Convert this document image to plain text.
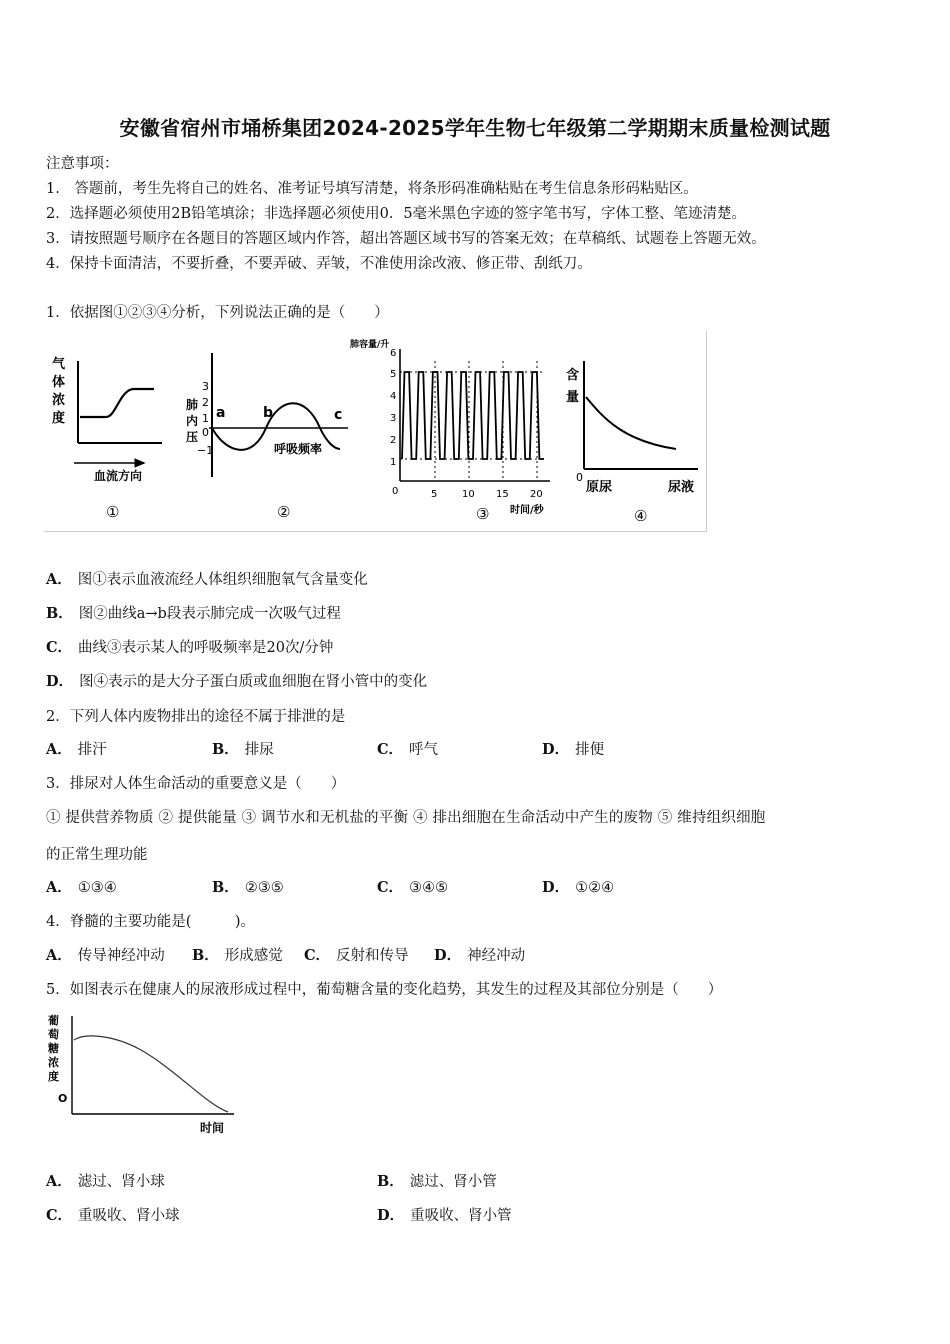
安徽省宿州市埇桥集团2024-2025学年生物七年级第二学期期末质量检测试题
注意事项：
1.　答题前，考生先将自己的姓名、准考证号填写清楚，将条形码准确粘贴在考生信息条形码粘贴区。
2．选择题必须使用2B铅笔填涂；非选择题必须使用0．5毫米黑色字迹的签字笔书写，字体工整、笔迹清楚。
3．请按照题号顺序在各题目的答题区域内作答，超出答题区域书写的答案无效；在草稿纸、试题卷上答题无效。
4．保持卡面清洁，不要折叠，不要弄破、弄皱，不准使用涂改液、修正带、刮纸刀。
1．依据图①②③④分析，下列说法正确的是（　　）
气
体
浓
度
血流方向
①
3
2
1
0
−1
肺
内
压
a	b	c
呼吸频率
②
肺容量/升
6
5
4
3
2
1
0	5 10 15 20
时间/秒
③
含
量
0
原尿	尿液
④
A． 图①表示血液流经人体组织细胞氧气含量变化
B． 图②曲线a→b段表示肺完成一次吸气过程
C． 曲线③表示某人的呼吸频率是20次/分钟
D． 图④表示的是大分子蛋白质或血细胞在肾小管中的变化
2．下列人体内废物排出的途径不属于排泄的是
A． 排汗	B． 排尿	C． 呼气	D． 排便
3．排尿对人体生命活动的重要意义是（　　）
① 提供营养物质 ② 提供能量 ③ 调节水和无机盐的平衡 ④ 排出细胞在生命活动中产生的废物 ⑤ 维持组织细胞
的正常生理功能
A． ①③④	B． ②③⑤	C． ③④⑤	D． ①②④
4．脊髓的主要功能是(　　　)。
A． 传导神经冲动 B． 形成感觉 C． 反射和传导 D． 神经冲动
5．如图表示在健康人的尿液形成过程中，葡萄糖含量的变化趋势，其发生的过程及其部位分别是（　　）
葡
萄
糖
浓
度
O
时间
A． 滤过、肾小球	B． 滤过、肾小管
C． 重吸收、肾小球	D． 重吸收、肾小管
